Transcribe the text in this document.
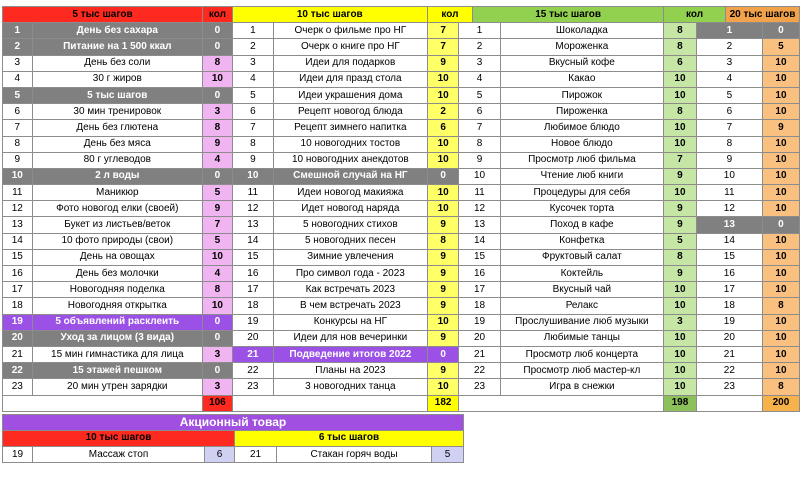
5 тыс шагов		кол	10 тыс шагов		кол		15 тыс шагов		кол		20 тыс шагов	
1	День без сахара	0	1	Очерк о фильме про НГ	7	1		Шоколадка	8	1		0
2	Питание на 1 500 ккал	0	2	Очерк о книге про НГ	7	2		Мороженка	8	2		5
3	День без соли	8	3	Идеи для подарков	9	3		Вкусный кофе	6	3		10
4	30 г жиров	10	4	Идеи для празд стола	10	4		Какао	10	4		10
5	5 тыс шагов	0	5	Идеи украшения дома	10	5		Пирожок	10	5		10
6	30 мин тренировок	3	6	Рецепт новогод блюда	2	6		Пироженка	8	6		10
7	День без глютена	8	7	Рецепт зимнего напитка	6	7		Любимое блюдо	10	7		9
8	День без мяса	9	8	10 новогодних тостов	10	8		Новое блюдо	10	8		10
9	80 г углеводов	4	9	10 новогодних анекдотов	10	9		Просмотр люб фильма	7	9		10
10	2 л воды	0	10	Смешной случай на НГ	0	10		Чтение люб книги	9	10		10
11	Маникюр	5	11	Идеи новогод макияжа	10	11		Процедуры для себя	10	11		10
12	Фото новогод елки (своей)	9	12	Идет новогод наряда	10	12		Кусочек торта	9	12		10
13	Букет из листьев/веток	7	13	5 новогодних стихов	9	13		Поход в кафе	9	13		0
14	10 фото природы (свои)	5	14	5 новогодних песен	8	14		Конфетка	5	14		10
15	День на овощах	10	15	Зимние увлечения	9	15		Фруктовый салат	8	15		10
16	День без молочки	4	16	Про символ года - 2023	9	16		Коктейль	9	16		10
17	Новогодняя поделка	8	17	Как встречать 2023	9	17		Вкусный чай	10	17		10
18	Новогодняя открытка	10	18	В чем встречать 2023	9	18		Релакс	10	18		8
19	5 объявлений расклеить	0	19	Конкурсы на НГ	10	19		Прослушивание люб музыки	3	19		10
20	Уход за лицом (3 вида)	0	20	Идеи для нов вечеринки	9	20		Любимые танцы	10	20		10
21	15 мин гимнастика для лица	3	21	Подведение итогов 2022	0	21		Просмотр люб концерта	10	21		10
22	15 этажей пешком	0	22	Планы на 2023	9	22		Просмотр люб мастер-кл	10	22		10
23	20 мин утрен зарядки	3	23	3 новогодних танца	10	23		Игра в снежки	10	23		8
		106			182				198			200
Акционный товар					
10 тыс шагов			6 тыс шагов		
19	Массаж стоп	6	21	Стакан горяч воды	5
